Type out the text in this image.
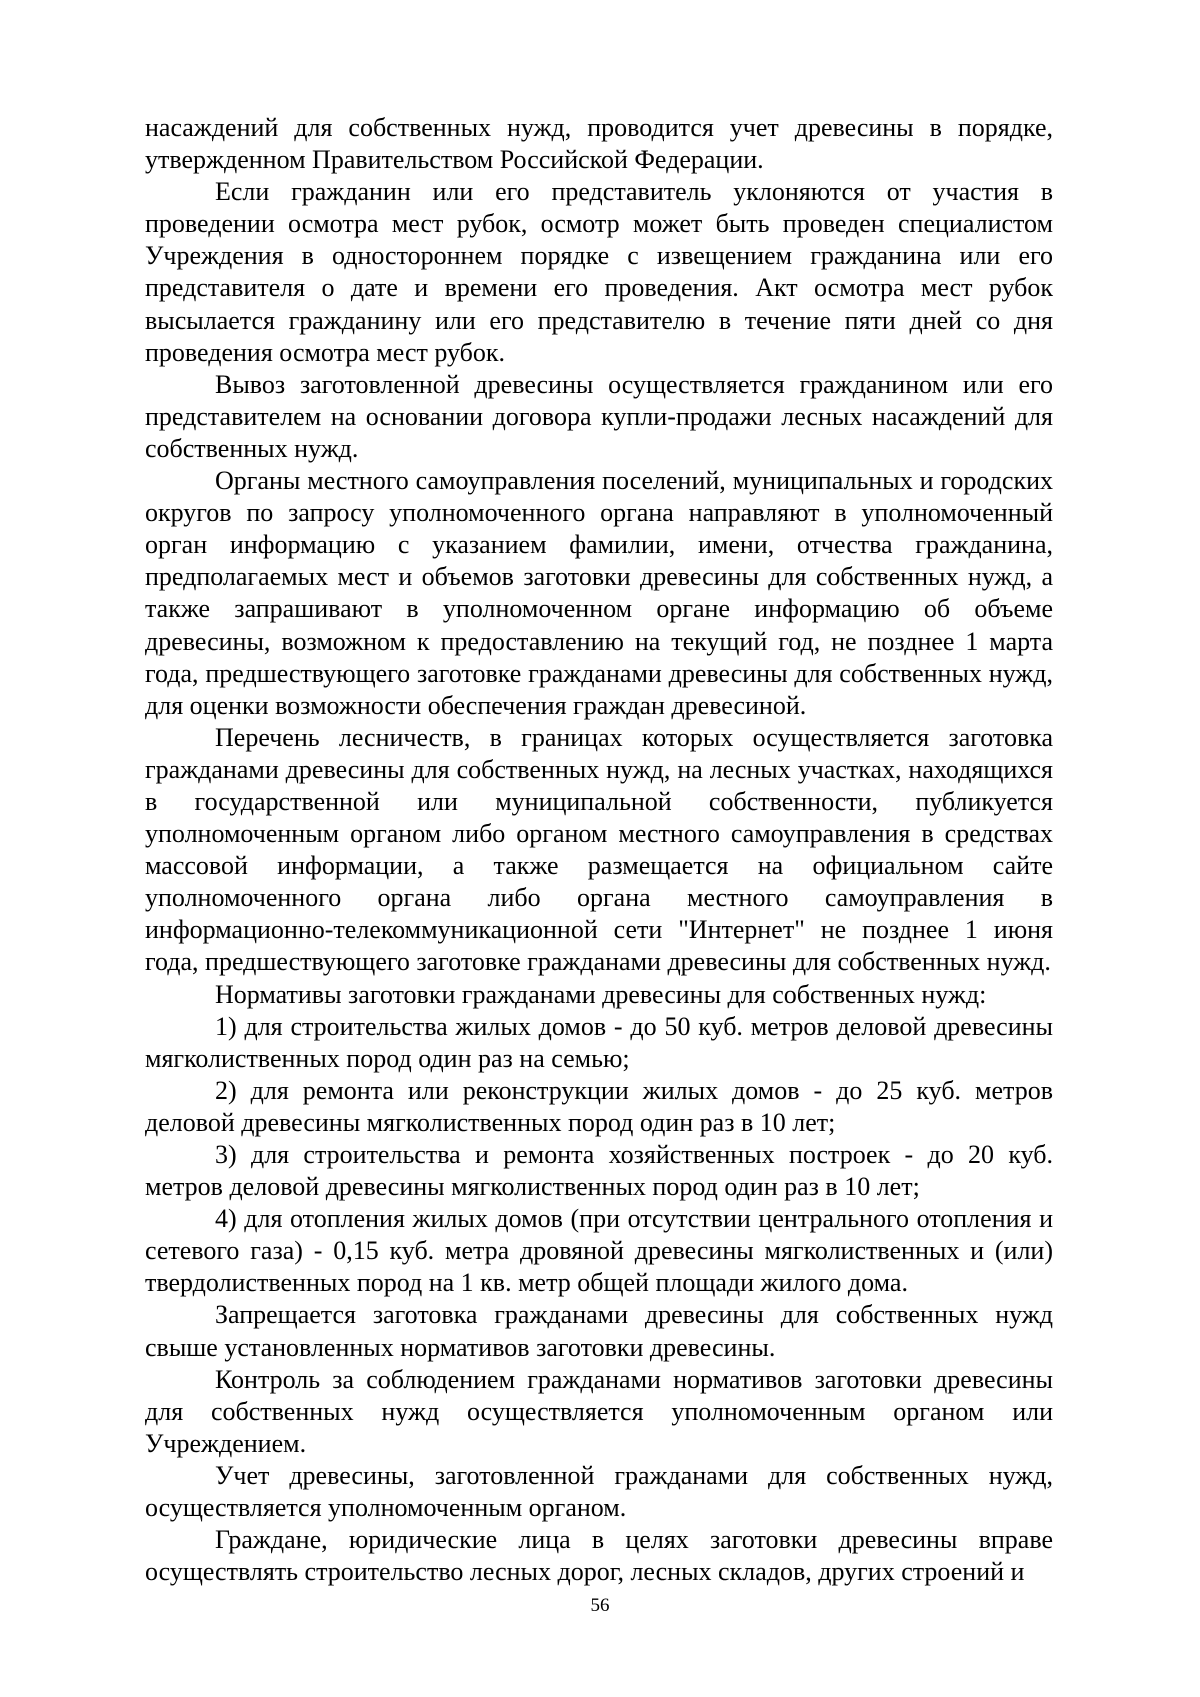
насаждений для собственных нужд, проводится учет древесины в порядке, утвержденном Правительством Российской Федерации.

Если гражданин или его представитель уклоняются от участия в проведении осмотра мест рубок, осмотр может быть проведен специалистом Учреждения в одностороннем порядке с извещением гражданина или его представителя о дате и времени его проведения. Акт осмотра мест рубок высылается гражданину или его представителю в течение пяти дней со дня проведения осмотра мест рубок.

Вывоз заготовленной древесины осуществляется гражданином или его представителем на основании договора купли-продажи лесных насаждений для собственных нужд.

Органы местного самоуправления поселений, муниципальных и городских округов по запросу уполномоченного органа направляют в уполномоченный орган информацию с указанием фамилии, имени, отчества гражданина, предполагаемых мест и объемов заготовки древесины для собственных нужд, а также запрашивают в уполномоченном органе информацию об объеме древесины, возможном к предоставлению на текущий год, не позднее 1 марта года, предшествующего заготовке гражданами древесины для собственных нужд, для оценки возможности обеспечения граждан древесиной.

Перечень лесничеств, в границах которых осуществляется заготовка гражданами древесины для собственных нужд, на лесных участках, находящихся в государственной или муниципальной собственности, публикуется уполномоченным органом либо органом местного самоуправления в средствах массовой информации, а также размещается на официальном сайте уполномоченного органа либо органа местного самоуправления в информационно-телекоммуникационной сети "Интернет" не позднее 1 июня года, предшествующего заготовке гражданами древесины для собственных нужд.

Нормативы заготовки гражданами древесины для собственных нужд:

1) для строительства жилых домов - до 50 куб. метров деловой древесины мягколиственных пород один раз на семью;

2) для ремонта или реконструкции жилых домов - до 25 куб. метров деловой древесины мягколиственных пород один раз в 10 лет;

3) для строительства и ремонта хозяйственных построек - до 20 куб. метров деловой древесины мягколиственных пород один раз в 10 лет;

4) для отопления жилых домов (при отсутствии центрального отопления и сетевого газа) - 0,15 куб. метра дровяной древесины мягколиственных и (или) твердолиственных пород на 1 кв. метр общей площади жилого дома.

Запрещается заготовка гражданами древесины для собственных нужд свыше установленных нормативов заготовки древесины.

Контроль за соблюдением гражданами нормативов заготовки древесины для собственных нужд осуществляется уполномоченным органом или Учреждением.

Учет древесины, заготовленной гражданами для собственных нужд, осуществляется уполномоченным органом.

Граждане, юридические лица в целях заготовки древесины вправе осуществлять строительство лесных дорог, лесных складов, других строений и

56
